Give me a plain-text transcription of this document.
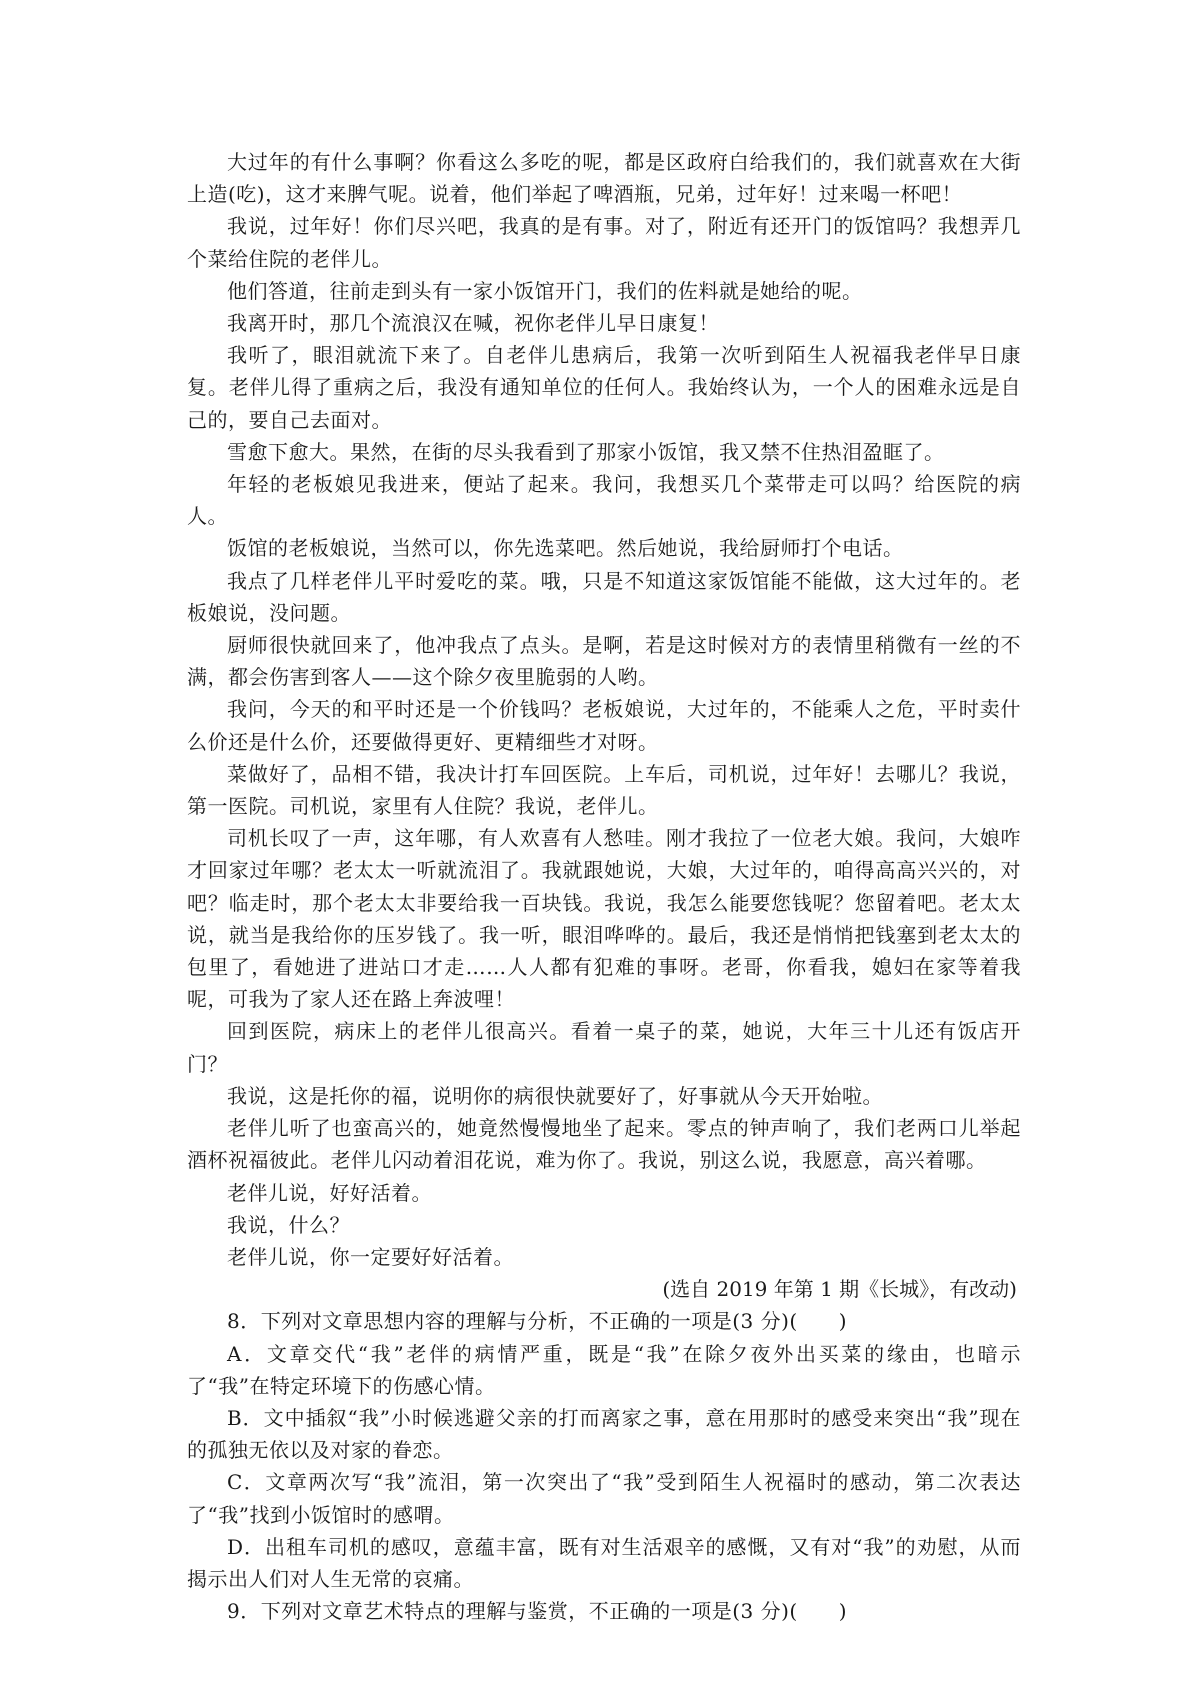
大过年的有什么事啊？你看这么多吃的呢，都是区政府白给我们的，我们就喜欢在大街上造(吃)，这才来脾气呢。说着，他们举起了啤酒瓶，兄弟，过年好！过来喝一杯吧！

我说，过年好！你们尽兴吧，我真的是有事。对了，附近有还开门的饭馆吗？我想弄几个菜给住院的老伴儿。

他们答道，往前走到头有一家小饭馆开门，我们的佐料就是她给的呢。

我离开时，那几个流浪汉在喊，祝你老伴儿早日康复！

我听了，眼泪就流下来了。自老伴儿患病后，我第一次听到陌生人祝福我老伴早日康复。老伴儿得了重病之后，我没有通知单位的任何人。我始终认为，一个人的困难永远是自己的，要自己去面对。

雪愈下愈大。果然，在街的尽头我看到了那家小饭馆，我又禁不住热泪盈眶了。

年轻的老板娘见我进来，便站了起来。我问，我想买几个菜带走可以吗？给医院的病人。

饭馆的老板娘说，当然可以，你先选菜吧。然后她说，我给厨师打个电话。

我点了几样老伴儿平时爱吃的菜。哦，只是不知道这家饭馆能不能做，这大过年的。老板娘说，没问题。

厨师很快就回来了，他冲我点了点头。是啊，若是这时候对方的表情里稍微有一丝的不满，都会伤害到客人——这个除夕夜里脆弱的人哟。

我问，今天的和平时还是一个价钱吗？老板娘说，大过年的，不能乘人之危，平时卖什么价还是什么价，还要做得更好、更精细些才对呀。

菜做好了，品相不错，我决计打车回医院。上车后，司机说，过年好！去哪儿？我说，第一医院。司机说，家里有人住院？我说，老伴儿。

司机长叹了一声，这年哪，有人欢喜有人愁哇。刚才我拉了一位老大娘。我问，大娘咋才回家过年哪？老太太一听就流泪了。我就跟她说，大娘，大过年的，咱得高高兴兴的，对吧？临走时，那个老太太非要给我一百块钱。我说，我怎么能要您钱呢？您留着吧。老太太说，就当是我给你的压岁钱了。我一听，眼泪哗哗的。最后，我还是悄悄把钱塞到老太太的包里了，看她进了进站口才走……人人都有犯难的事呀。老哥，你看我，媳妇在家等着我呢，可我为了家人还在路上奔波哩！

回到医院，病床上的老伴儿很高兴。看着一桌子的菜，她说，大年三十儿还有饭店开门？

我说，这是托你的福，说明你的病很快就要好了，好事就从今天开始啦。

老伴儿听了也蛮高兴的，她竟然慢慢地坐了起来。零点的钟声响了，我们老两口儿举起酒杯祝福彼此。老伴儿闪动着泪花说，难为你了。我说，别这么说，我愿意，高兴着哪。

老伴儿说，好好活着。

我说，什么？

老伴儿说，你一定要好好活着。

(选自 2019 年第 1 期《长城》，有改动)

8．下列对文章思想内容的理解与分析，不正确的一项是(3 分)(　　)

A．文章交代“我”老伴的病情严重，既是“我”在除夕夜外出买菜的缘由，也暗示了“我”在特定环境下的伤感心情。

B．文中插叙“我”小时候逃避父亲的打而离家之事，意在用那时的感受来突出“我”现在的孤独无依以及对家的眷恋。

C．文章两次写“我”流泪，第一次突出了“我”受到陌生人祝福时的感动，第二次表达了“我”找到小饭馆时的感喟。

D．出租车司机的感叹，意蕴丰富，既有对生活艰辛的感慨，又有对“我”的劝慰，从而揭示出人们对人生无常的哀痛。

9．下列对文章艺术特点的理解与鉴赏，不正确的一项是(3 分)(　　)
